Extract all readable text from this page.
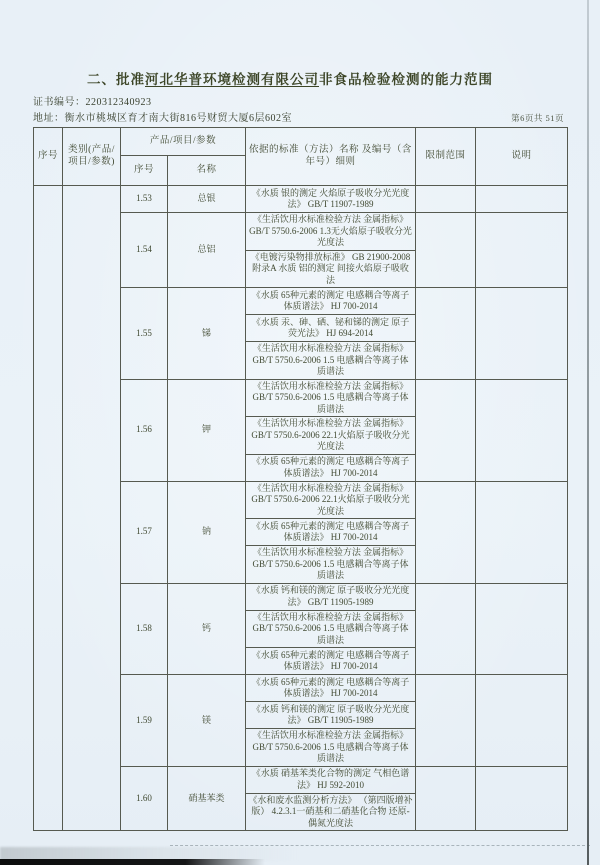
二、批准河北华普环境检测有限公司非食品检验检测的能力范围
证书编号：220312340923
地址：衡水市桃城区育才南大街816号财贸大厦6层602室	第6页共 51页
序号	类别(产品/项目/参数)	产品/项目/参数		依据的标准（方法）名称 及编号（含年号）细则	限制范围	说明
		序号	名称			
		1.53	总银	《水质 银的测定 火焰原子吸收分光光度法》 GB/T 11907-1989		
		1.54	总铝	《生活饮用水标准检验方法 金属指标》GB/T 5750.6-2006 1.3无火焰原子吸收分光光度法		
				《电镀污染物排放标准》 GB 21900-2008 附录A 水质 铝的测定 间接火焰原子吸收法		
		1.55	锑	《水质 65种元素的测定 电感耦合等离子体质谱法》 HJ 700-2014		
				《水质 汞、砷、硒、铋和锑的测定 原子荧光法》 HJ 694-2014		
				《生活饮用水标准检验方法 金属指标》GB/T 5750.6-2006 1.5 电感耦合等离子体质谱法		
		1.56	钾	《生活饮用水标准检验方法 金属指标》GB/T 5750.6-2006 1.5 电感耦合等离子体质谱法		
				《生活饮用水标准检验方法 金属指标》GB/T 5750.6-2006 22.1火焰原子吸收分光光度法		
				《水质 65种元素的测定 电感耦合等离子体质谱法》 HJ 700-2014		
		1.57	钠	《生活饮用水标准检验方法 金属指标》GB/T 5750.6-2006 22.1火焰原子吸收分光光度法		
				《水质 65种元素的测定 电感耦合等离子体质谱法》 HJ 700-2014		
				《生活饮用水标准检验方法 金属指标》GB/T 5750.6-2006 1.5 电感耦合等离子体质谱法		
		1.58	钙	《水质 钙和镁的测定 原子吸收分光光度法》 GB/T 11905-1989		
				《生活饮用水标准检验方法 金属指标》GB/T 5750.6-2006 1.5 电感耦合等离子体质谱法		
				《水质 65种元素的测定 电感耦合等离子体质谱法》 HJ 700-2014		
		1.59	镁	《水质 65种元素的测定 电感耦合等离子体质谱法》 HJ 700-2014		
				《水质 钙和镁的测定 原子吸收分光光度法》 GB/T 11905-1989		
				《生活饮用水标准检验方法 金属指标》GB/T 5750.6-2006 1.5 电感耦合等离子体质谱法		
		1.60	硝基苯类	《水质 硝基苯类化合物的测定 气相色谱法》 HJ 592-2010		
				《水和废水监测分析方法》 （第四版增补版） 4.2.3.1一硝基和二硝基化合物 还原-偶氮光度法		
